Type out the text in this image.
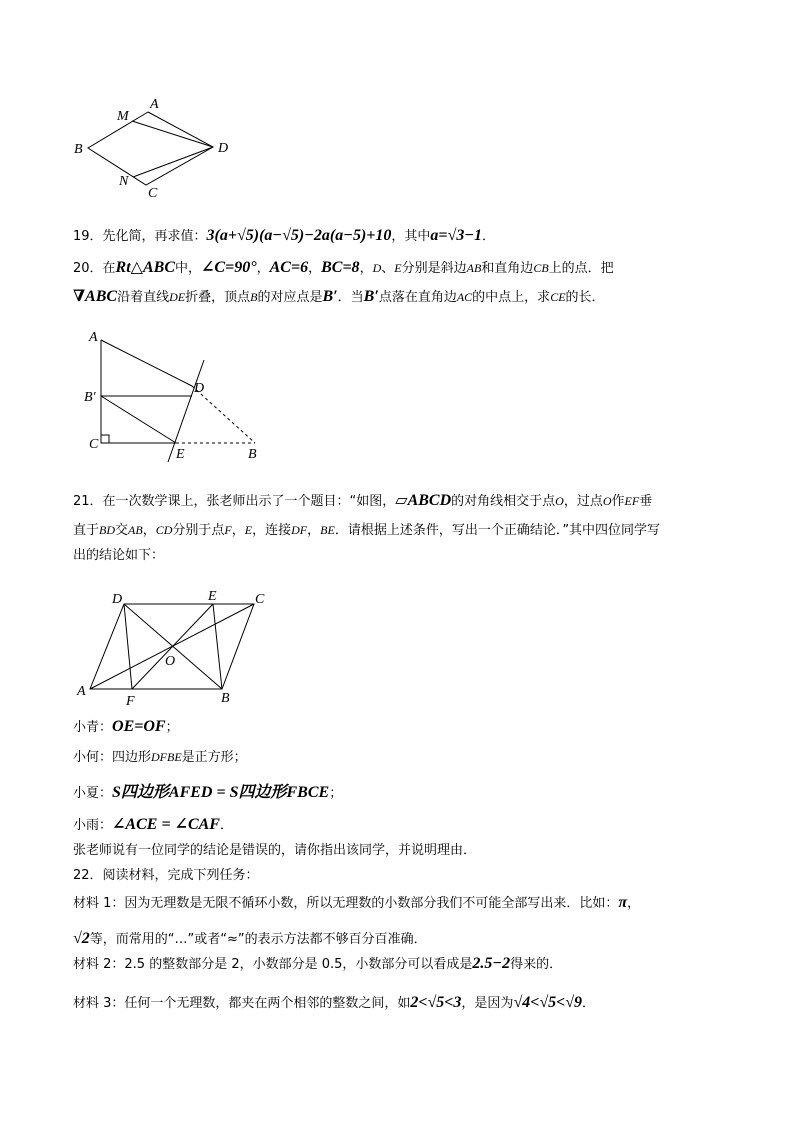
M
A
B	D
N
C
A
B′
D
C
E	B
D	E	C
O
A
F	B
19．先化简，再求值：3(a+√5)(a−√5)−2a(a−5)+10，其中a=√3−1．
20．在Rt△ABC中，∠C=90°，AC=6，BC=8，D、E分别是斜边AB和直角边CB上的点．把
∇ABC沿着直线DE折叠，顶点B的对应点是B′．当B′点落在直角边AC的中点上，求CE的长．
21．在一次数学课上，张老师出示了一个题目：“如图，▱ABCD的对角线相交于点O，过点O作EF垂
直于BD交AB，CD分别于点F，E，连接DF，BE．请根据上述条件，写出一个正确结论．”其中四位同学写
出的结论如下：
小青：OE=OF；
小何：四边形DFBE是正方形；
小夏：S四边形AFED = S四边形FBCE；
小雨：∠ACE = ∠CAF．
张老师说有一位同学的结论是错误的，请你指出该同学，并说明理由．
22．阅读材料，完成下列任务：
材料 1：因为无理数是无限不循环小数，所以无理数的小数部分我们不可能全部写出来．比如：π，
√2等，而常用的“…”或者“≈”的表示方法都不够百分百准确．
材料 2：2.5 的整数部分是 2，小数部分是 0.5，小数部分可以看成是2.5−2得来的．
材料 3：任何一个无理数，都夹在两个相邻的整数之间，如2<√5<3，是因为√4<√5<√9．
